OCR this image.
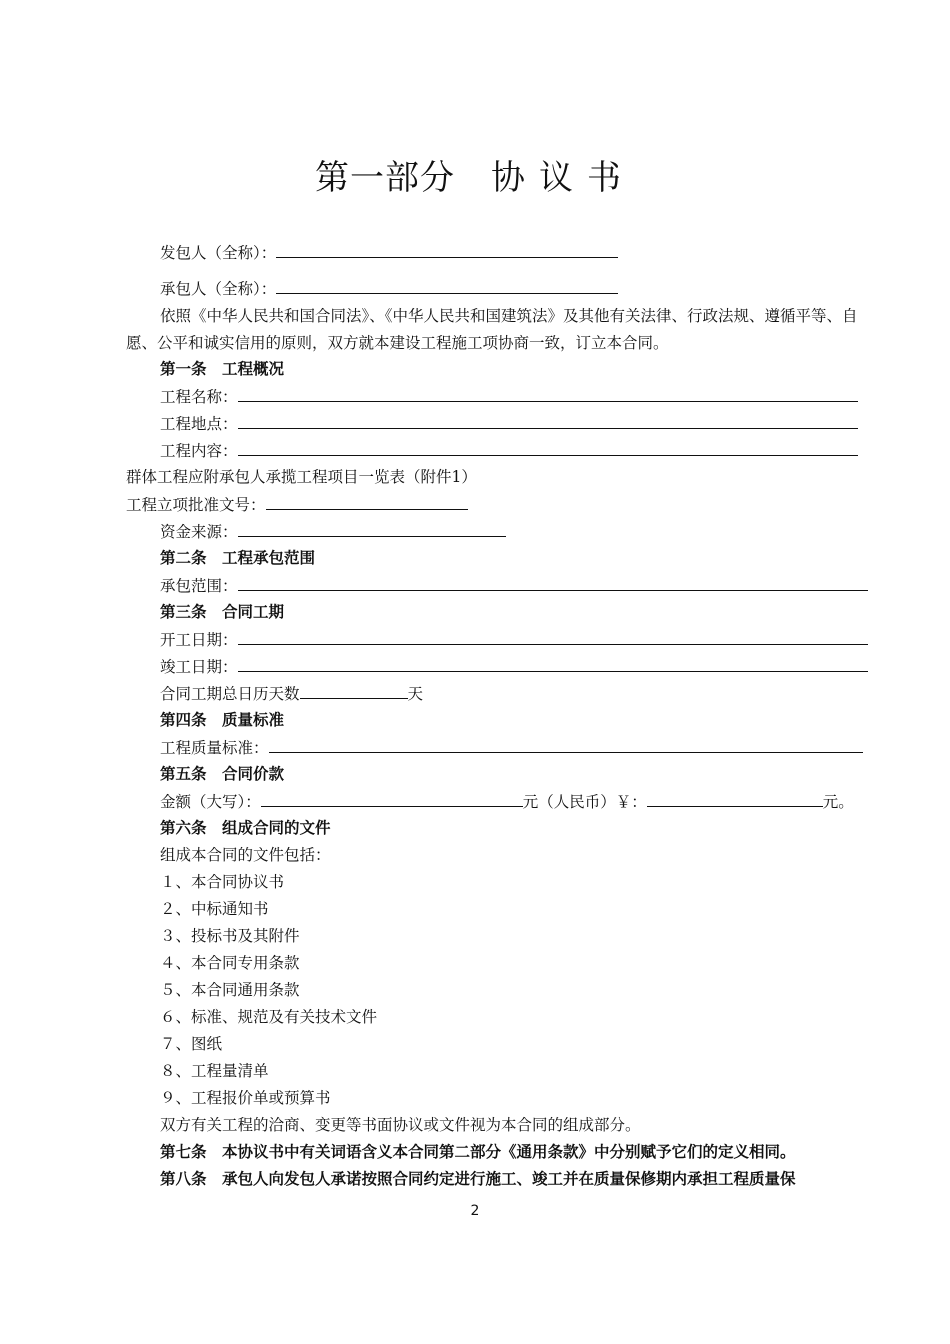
第一部分 协议书
发包人（全称）：
承包人（全称）：
依照《中华人民共和国合同法》、《中华人民共和国建筑法》及其他有关法律、行政法规、遵循平等、自愿、公平和诚实信用的原则，双方就本建设工程施工项协商一致，订立本合同。
第一条　工程概况
工程名称：
工程地点：
工程内容：
群体工程应附承包人承揽工程项目一览表（附件1）
工程立项批准文号：
资金来源：
第二条　工程承包范围
承包范围：
第三条　合同工期
开工日期：
竣工日期：
合同工期总日历天数	天
第四条　质量标准
工程质量标准：
第五条　合同价款
金额（大写）：	元（人民币）￥：	元。
第六条　组成合同的文件
组成本合同的文件包括：
１、本合同协议书
２、中标通知书
３、投标书及其附件
４、本合同专用条款
５、本合同通用条款
６、标准、规范及有关技术文件
７、图纸
８、工程量清单
９、工程报价单或预算书
双方有关工程的洽商、变更等书面协议或文件视为本合同的组成部分。
第七条　本协议书中有关词语含义本合同第二部分《通用条款》中分别赋予它们的定义相同。
第八条　承包人向发包人承诺按照合同约定进行施工、竣工并在质量保修期内承担工程质量保
2
